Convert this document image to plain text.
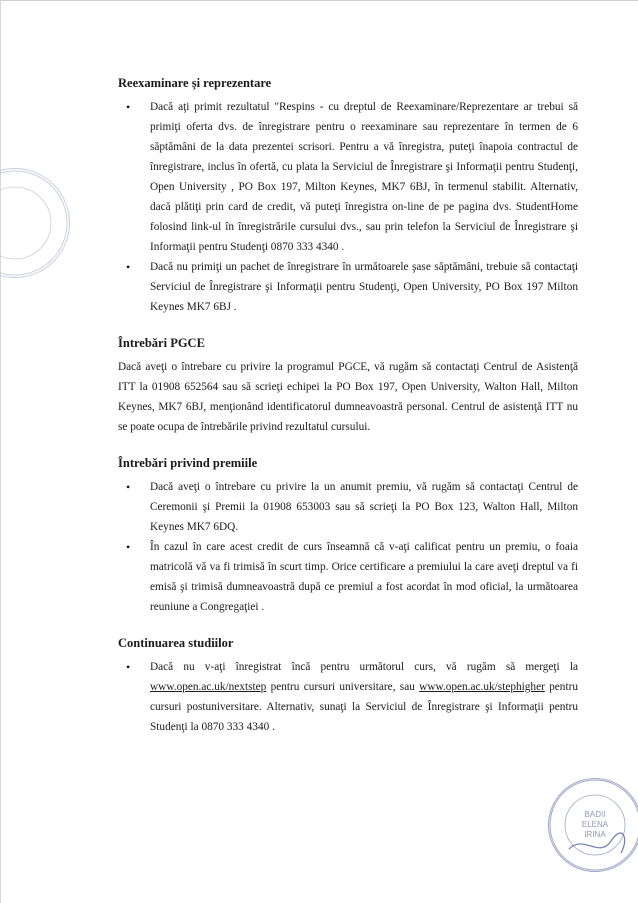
Reexaminare şi reprezentare
• Dacă aţi primit rezultatul "Respins - cu dreptul de Reexaminare/Reprezentare ar trebui să primiţi oferta dvs. de înregistrare pentru o reexaminare sau reprezentare în termen de 6 săptămâni de la data prezentei scrisori. Pentru a vă înregistra, puteţi înapoia contractul de înregistrare, inclus în ofertă, cu plata la Serviciul de Înregistrare şi Informaţii pentru Studenţi, Open University , PO Box 197, Milton Keynes, MK7 6BJ, în termenul stabilit. Alternativ, dacă plătiţi prin card de credit, vă puteţi înregistra on-line de pe pagina dvs. StudentHome folosind link-ul în înregistrările cursului dvs., sau prin telefon la Serviciul de Înregistrare şi Informaţii pentru Studenţi 0870 333 4340 .
• Dacă nu primiţi un pachet de înregistrare în următoarele şase săptămâni, trebuie să contactaţi Serviciul de Înregistrare şi Informaţii pentru Studenţi, Open University, PO Box 197 Milton Keynes MK7 6BJ .
Întrebări PGCE

Dacă aveţi o întrebare cu privire la programul PGCE, vă rugăm să contactaţi Centrul de Asistenţă ITT la 01908 652564 sau să scrieţi echipei la PO Box 197, Open University, Walton Hall, Milton Keynes, MK7 6BJ, menţionând identificatorul dumneavoastră personal. Centrul de asistenţă ITT nu se poate ocupa de întrebările privind rezultatul cursului.

Întrebări privind premiile
• Dacă aveţi o întrebare cu privire la un anumit premiu, vă rugăm să contactaţi Centrul de Ceremonii şi Premii la 01908 653003 sau să scrieţi la PO Box 123, Walton Hall, Milton Keynes MK7 6DQ.
• În cazul în care acest credit de curs înseamnă că v-aţi calificat pentru un premiu, o foaia matricolă vă va fi trimisă în scurt timp. Orice certificare a premiului la care aveţi dreptul va fi emisă şi trimisă dumneavoastră după ce premiul a fost acordat în mod oficial, la următoarea reuniune a Congregaţiei .
Continuarea studiilor
• Dacă nu v-aţi înregistrat încă pentru următorul curs, vă rugăm să mergeţi la www.open.ac.uk/nextstep pentru cursuri universitare, sau www.open.ac.uk/stephigher pentru cursuri postuniversitare. Alternativ, sunaţi la Serviciul de Înregistrare şi Informaţii pentru Studenţi la 0870 333 4340 .
BADII
ELENA
IRINA
